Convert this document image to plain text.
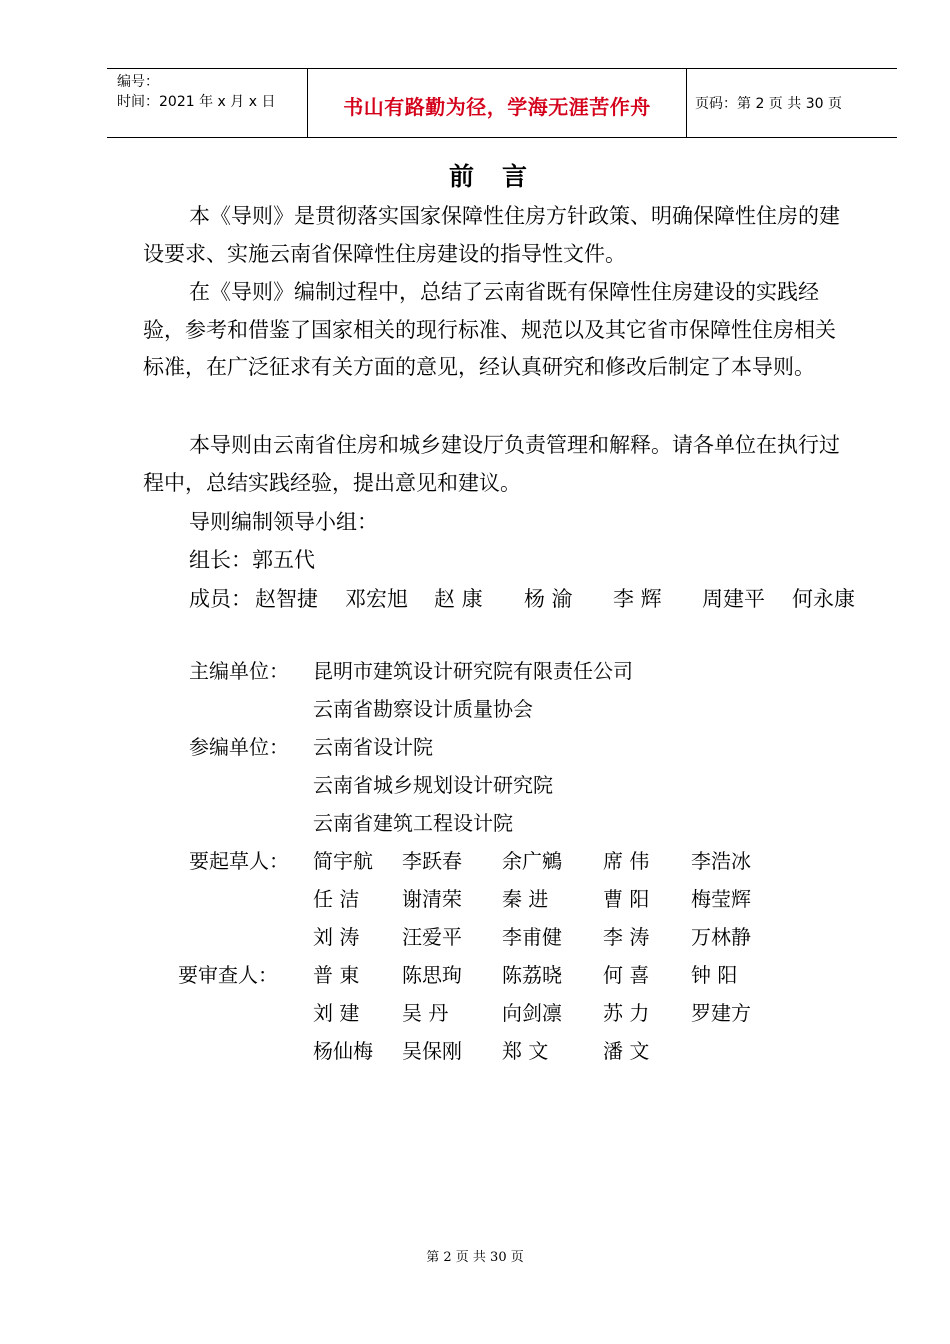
编号：
时间：2021 年 x 月 x 日	书山有路勤为径，学海无涯苦作舟	页码：第 2 页 共 30 页
前言
本《导则》是贯彻落实国家保障性住房方针政策、明确保障性住房的建设要求、实施云南省保障性住房建设的指导性文件。
在《导则》编制过程中，总结了云南省既有保障性住房建设的实践经验，参考和借鉴了国家相关的现行标准、规范以及其它省市保障性住房相关标准，在广泛征求有关方面的意见，经认真研究和修改后制定了本导则。
本导则由云南省住房和城乡建设厅负责管理和解释。请各单位在执行过程中，总结实践经验，提出意见和建议。
导则编制领导小组：
组长：郭五代
成员： 赵智捷 邓宏旭 赵 康 杨 渝 李 辉 周建平 何永康
主编单位： 昆明市建筑设计研究院有限责任公司
云南省勘察设计质量协会
参编单位： 云南省设计院
云南省城乡规划设计研究院
云南省建筑工程设计院
要起草人： 简宇航 李跃春 余广鵷 席 伟 李浩冰
任 洁 谢清荣 秦 进	曹 阳 梅莹辉
刘 涛 汪爱平 李甫健 李 涛 万林静
要审查人： 普 東 陈思珣 陈荔晓 何 喜 钟 阳
刘 建 吴 丹	向剑凛 苏 力 罗建方
杨仙梅 吴保刚 郑 文	潘 文
第 2 页 共 30 页
